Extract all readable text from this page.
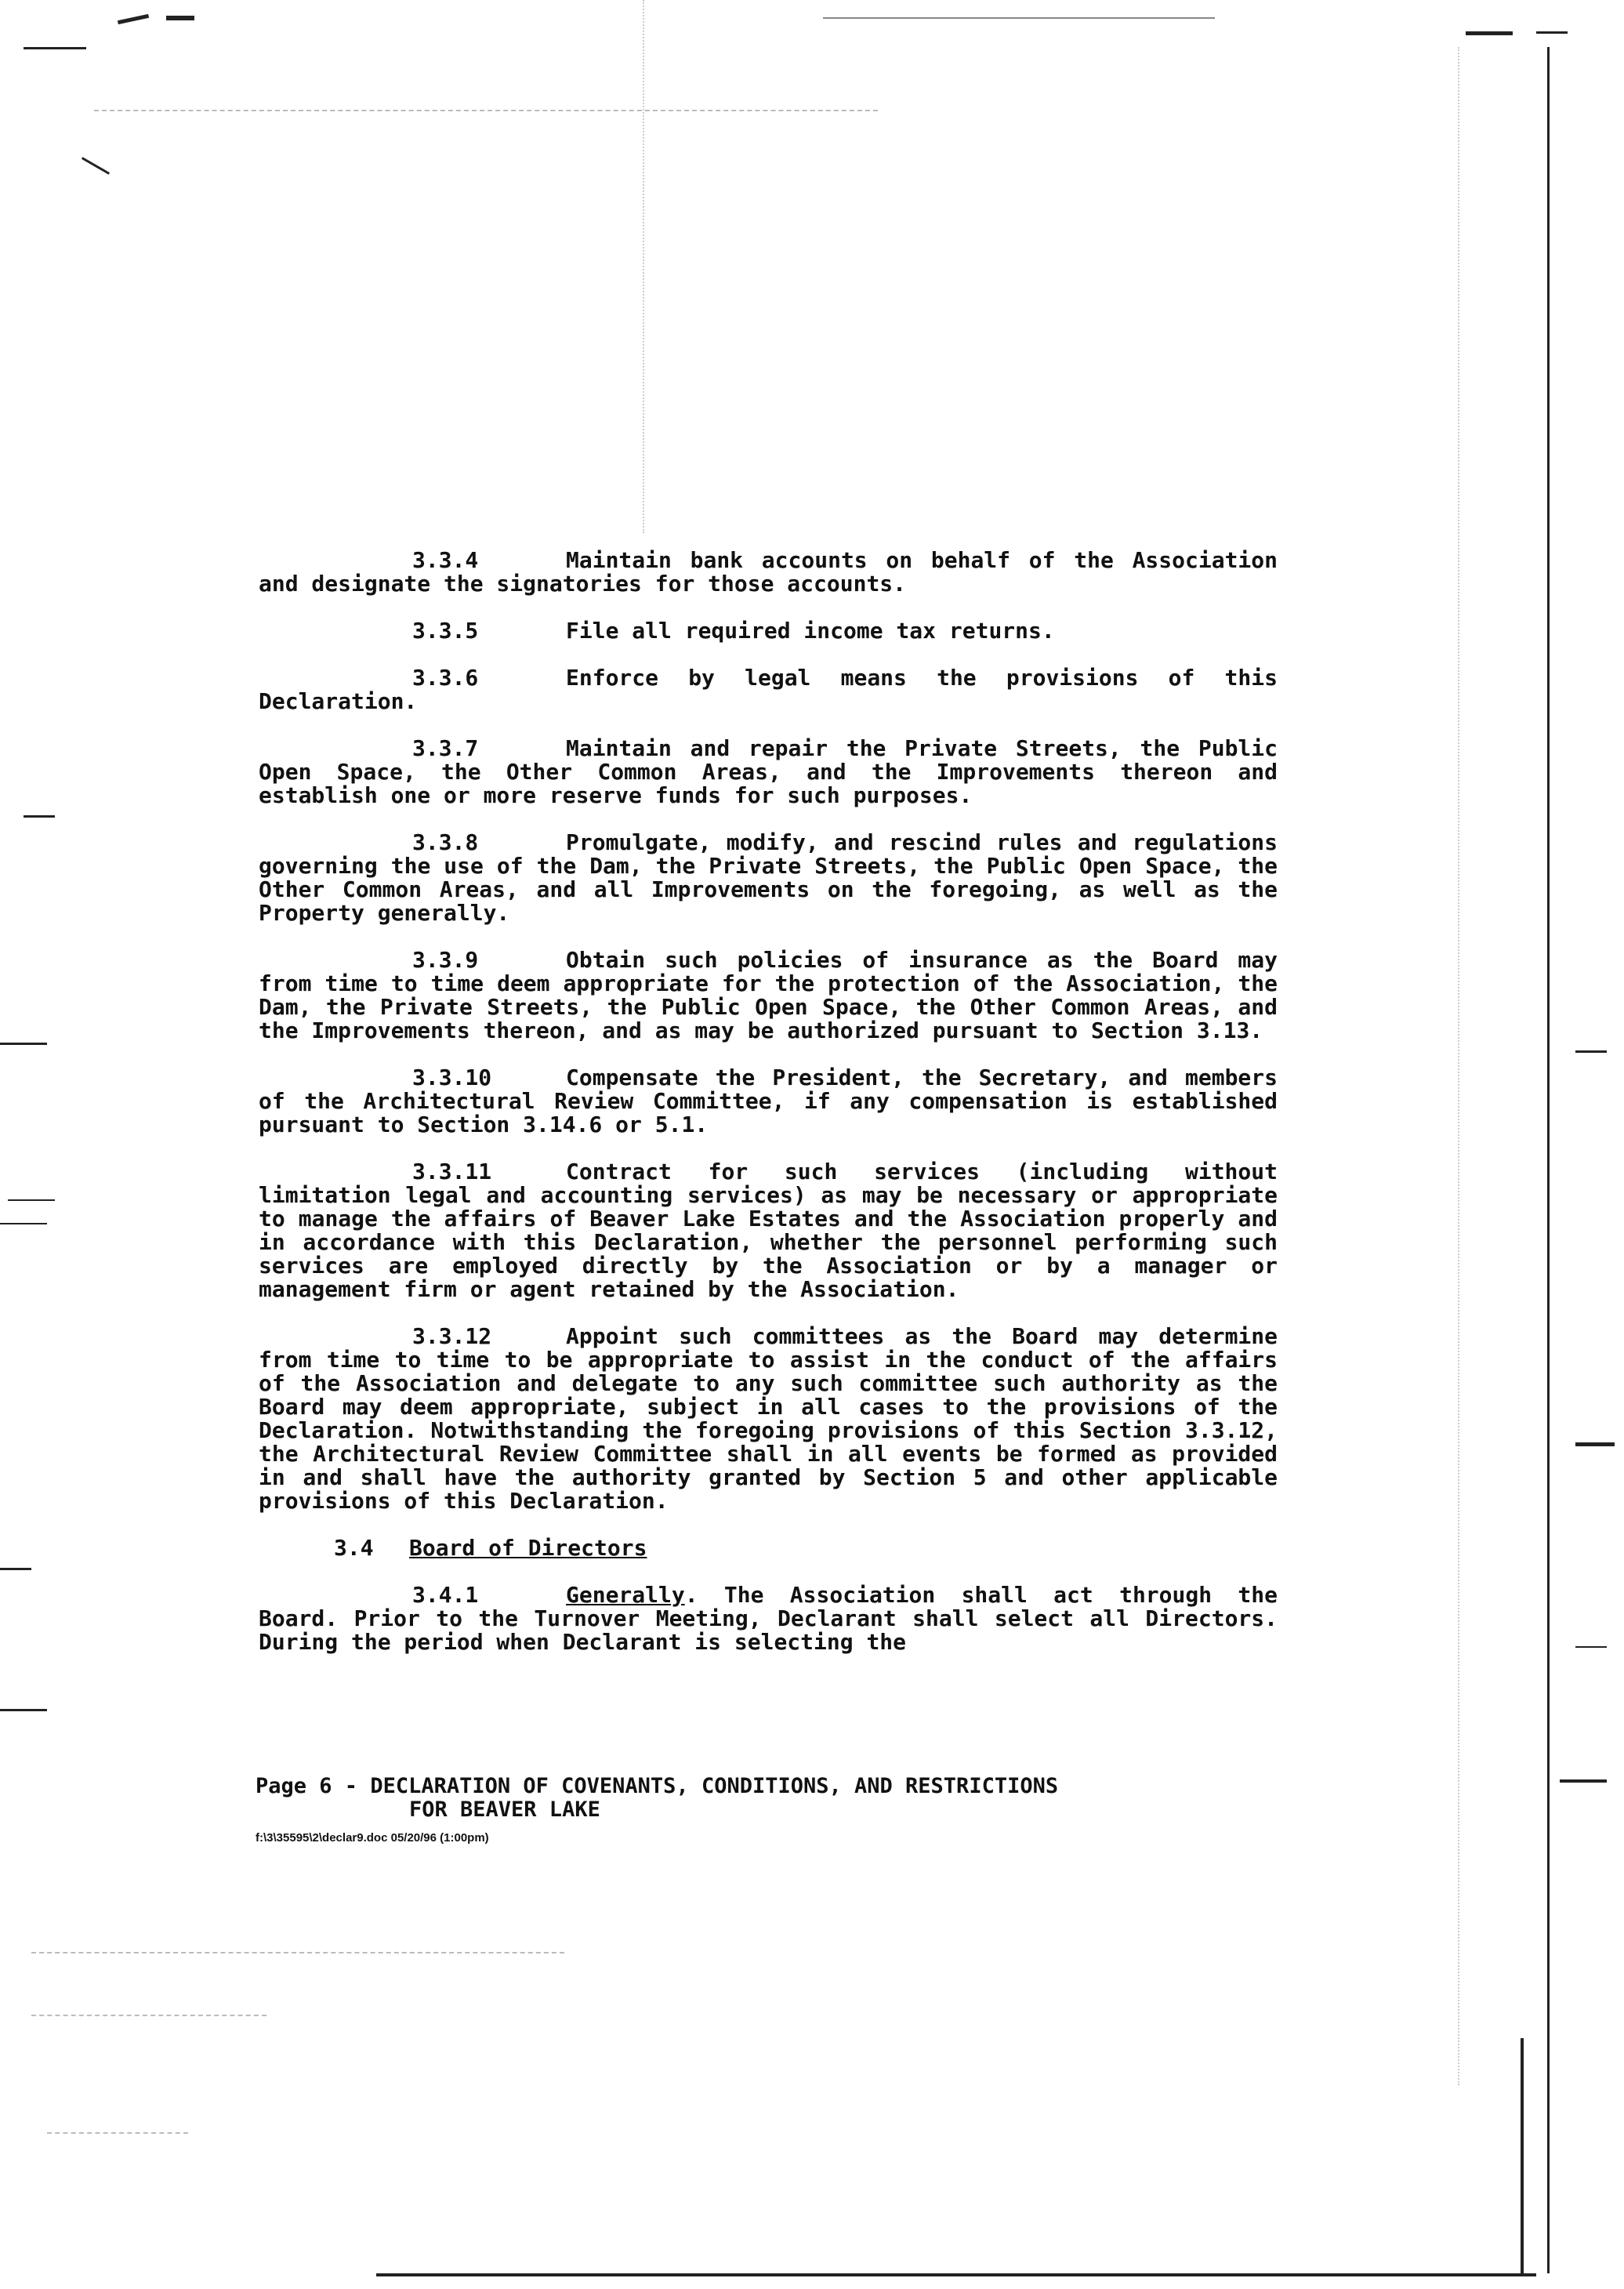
3.3.4	Maintain bank accounts on behalf of the Association and designate the signatories for those accounts.

3.3.5	File all required income tax returns.

3.3.6	Enforce by legal means the provisions of this Declaration.

3.3.7	Maintain and repair the Private Streets, the Public Open Space, the Other Common Areas, and the Improvements thereon and establish one or more reserve funds for such purposes.

3.3.8	Promulgate, modify, and rescind rules and regulations governing the use of the Dam, the Private Streets, the Public Open Space, the Other Common Areas, and all Improvements on the foregoing, as well as the Property generally.

3.3.9	Obtain such policies of insurance as the Board may from time to time deem appropriate for the protection of the Association, the Dam, the Private Streets, the Public Open Space, the Other Common Areas, and the Improvements thereon, and as may be authorized pursuant to Section 3.13.

3.3.10	Compensate the President, the Secretary, and members of the Architectural Review Committee, if any compensation is established pursuant to Section 3.14.6 or 5.1.

3.3.11	Contract for such services (including without limitation legal and accounting services) as may be necessary or appropriate to manage the affairs of Beaver Lake Estates and the Association properly and in accordance with this Declaration, whether the personnel performing such services are employed directly by the Association or by a manager or management firm or agent retained by the Association.

3.3.12	Appoint such committees as the Board may determine from time to time to be appropriate to assist in the conduct of the affairs of the Association and delegate to any such committee such authority as the Board may deem appropriate, subject in all cases to the provisions of the Declaration. Notwithstanding the foregoing provisions of this Section 3.3.12, the Architectural Review Committee shall in all events be formed as provided in and shall have the authority granted by Section 5 and other applicable provisions of this Declaration.

3.4 Board of Directors

3.4.1	Generally. The Association shall act through the Board. Prior to the Turnover Meeting, Declarant shall select all Directors. During the period when Declarant is selecting the

Page 6 - DECLARATION OF COVENANTS, CONDITIONS, AND RESTRICTIONS
FOR BEAVER LAKE
f:\3\35595\2\declar9.doc 05/20/96 (1:00pm)
